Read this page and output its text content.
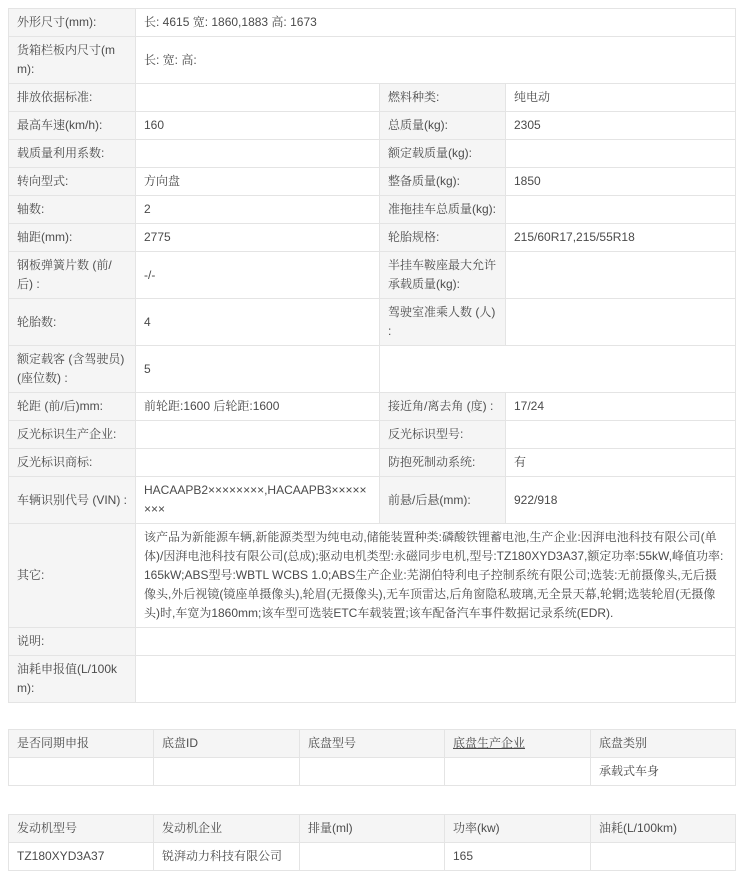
外形尺寸(mm):	长: 4615 宽: 1860,1883 高: 1673		
货箱栏板内尺寸(mm):	长: 宽: 高:		
排放依据标准:		燃料种类:	纯电动
最高车速(km/h):	160	总质量(kg):	2305
载质量利用系数:		额定载质量(kg):	
转向型式:	方向盘	整备质量(kg):	1850
轴数:	2	准拖挂车总质量(kg):	
轴距(mm):	2775	轮胎规格:	215/60R17,215/55R18
钢板弹簧片数 (前/后) :	-/-	半挂车鞍座最大允许承载质量(kg):	
轮胎数:	4	驾驶室准乘人数 (人) :	
额定载客 (含驾驶员) (座位数) :	5		
轮距 (前/后)mm:	前轮距:1600 后轮距:1600	接近角/离去角 (度) :	17/24
反光标识生产企业:		反光标识型号:	
反光标识商标:		防抱死制动系统:	有
车辆识别代号 (VIN) :	HACAAPB2××××××××,HACAAPB3××××××××	前悬/后悬(mm):	922/918
其它:	该产品为新能源车辆,新能源类型为纯电动,储能装置种类:磷酸铁锂蓄电池,生产企业:因湃电池科技有限公司(单体)/因湃电池科技有限公司(总成);驱动电机类型:永磁同步电机,型号:TZ180XYD3A37,额定功率:55kW,峰值功率:165kW;ABS型号:WBTL WCBS 1.0;ABS生产企业:芜湖伯特利电子控制系统有限公司;选装:无前摄像头,无后摄像头,外后视镜(镜座单摄像头),轮眉(无摄像头),无车顶雷达,后角窗隐私玻璃,无全景天幕,轮辋;选装轮眉(无摄像头)时,车宽为1860mm;该车型可选装ETC车载装置;该车配备汽车事件数据记录系统(EDR).		
说明:			
油耗申报值(L/100km):			
是否同期申报	底盘ID	底盘型号	底盘生产企业	底盘类别
				承载式车身
发动机型号	发动机企业	排量(ml)	功率(kw)	油耗(L/100km)
TZ180XYD3A37	锐湃动力科技有限公司		165	
